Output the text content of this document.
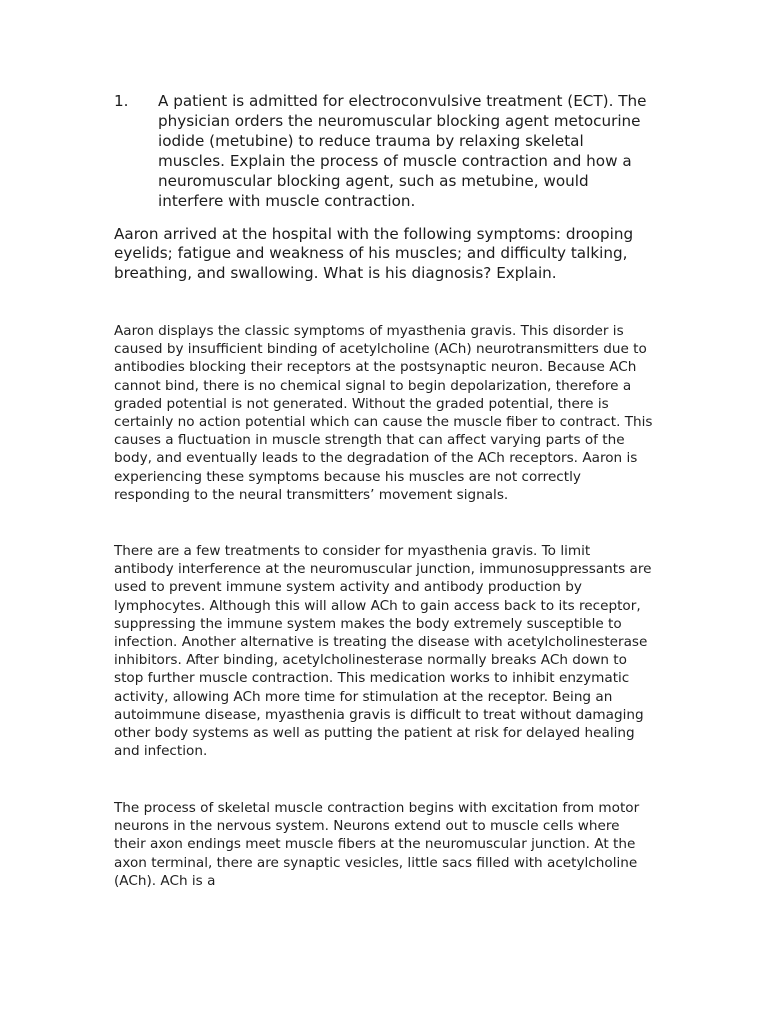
1.	A patient is admitted for electroconvulsive treatment (ECT). The physician orders the neuromuscular blocking agent metocurine iodide (metubine) to reduce trauma by relaxing skeletal muscles. Explain the process of muscle contraction and how a neuromuscular blocking agent, such as metubine, would interfere with muscle contraction.

Aaron arrived at the hospital with the following symptoms: drooping eyelids; fatigue and weakness of his muscles; and difficulty talking, breathing, and swallowing. What is his diagnosis? Explain.

Aaron displays the classic symptoms of myasthenia gravis. This disorder is caused by insufficient binding of acetylcholine (ACh) neurotransmitters due to antibodies blocking their receptors at the postsynaptic neuron. Because ACh cannot bind, there is no chemical signal to begin depolarization, therefore a graded potential is not generated. Without the graded potential, there is certainly no action potential which can cause the muscle fiber to contract. This causes a fluctuation in muscle strength that can affect varying parts of the body, and eventually leads to the degradation of the ACh receptors. Aaron is experiencing these symptoms because his muscles are not correctly responding to the neural transmitters’ movement signals.

There are a few treatments to consider for myasthenia gravis. To limit antibody interference at the neuromuscular junction, immunosuppressants are used to prevent immune system activity and antibody production by lymphocytes. Although this will allow ACh to gain access back to its receptor, suppressing the immune system makes the body extremely susceptible to infection. Another alternative is treating the disease with acetylcholinesterase inhibitors. After binding, acetylcholinesterase normally breaks ACh down to stop further muscle contraction. This medication works to inhibit enzymatic activity, allowing ACh more time for stimulation at the receptor. Being an autoimmune disease, myasthenia gravis is difficult to treat without damaging other body systems as well as putting the patient at risk for delayed healing and infection.

The process of skeletal muscle contraction begins with excitation from motor neurons in the nervous system. Neurons extend out to muscle cells where their axon endings meet muscle fibers at the neuromuscular junction. At the axon terminal, there are synaptic vesicles, little sacs filled with acetylcholine (ACh). ACh is a
